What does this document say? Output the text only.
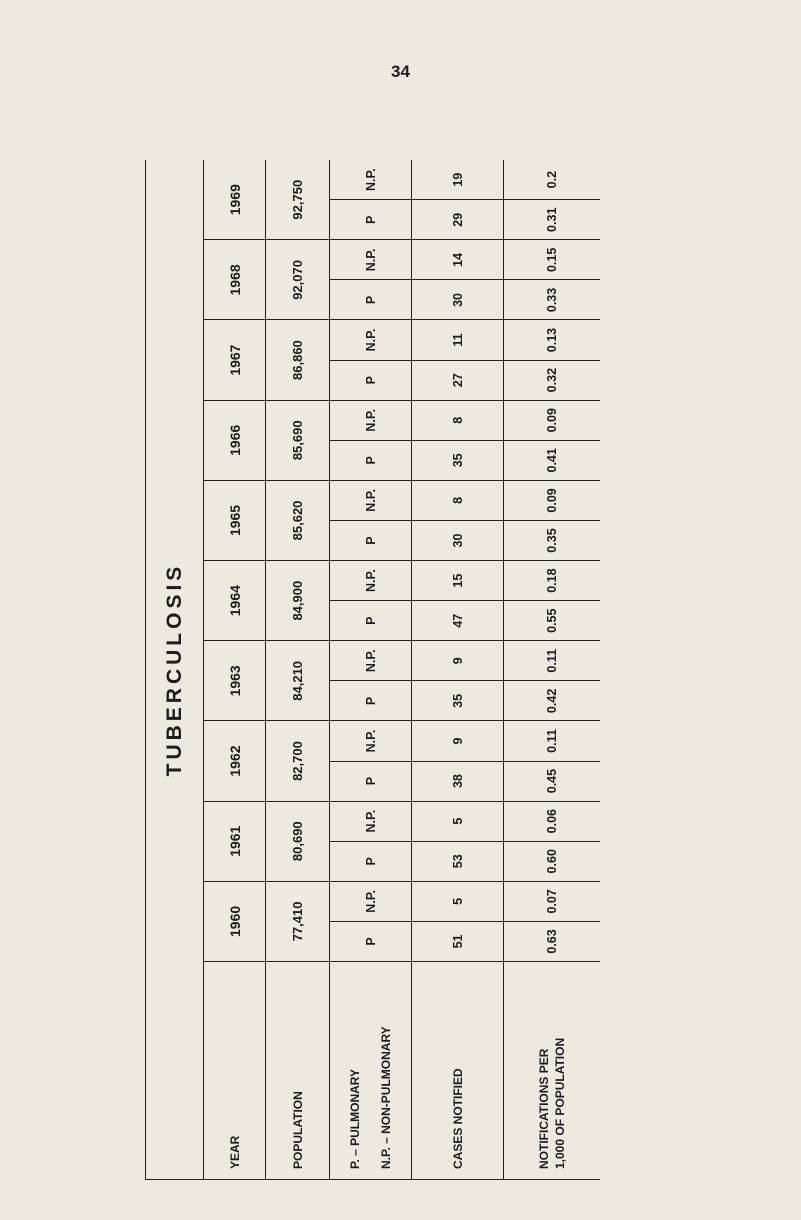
34
TUBERCULOSIS																				
YEAR	1960		1961		1962		1963		1964		1965		1966		1967		1968		1969	
POPULATION	77,410		80,690		82,700		84,210		84,900		85,620		85,690		86,860		92,070		92,750	

P. – PULMONARY N.P. – NON-PULMONARY	P	N.P.	P	N.P.	P	N.P.	P	N.P.	P	N.P.	P	N.P.	P	N.P.	P	N.P.	P	N.P.	P	N.P.
CASES NOTIFIED	51	5	53	5	38	9	35	9	47	15	30	8	35	8	27	11	30	14	29	19

NOTIFICATIONS PER 1,000 OF POPULATION	0.63	0.07	0.60	0.06	0.45	0.11	0.42	0.11	0.55	0.18	0.35	0.09	0.41	0.09	0.32	0.13	0.33	0.15	0.31	0.2
